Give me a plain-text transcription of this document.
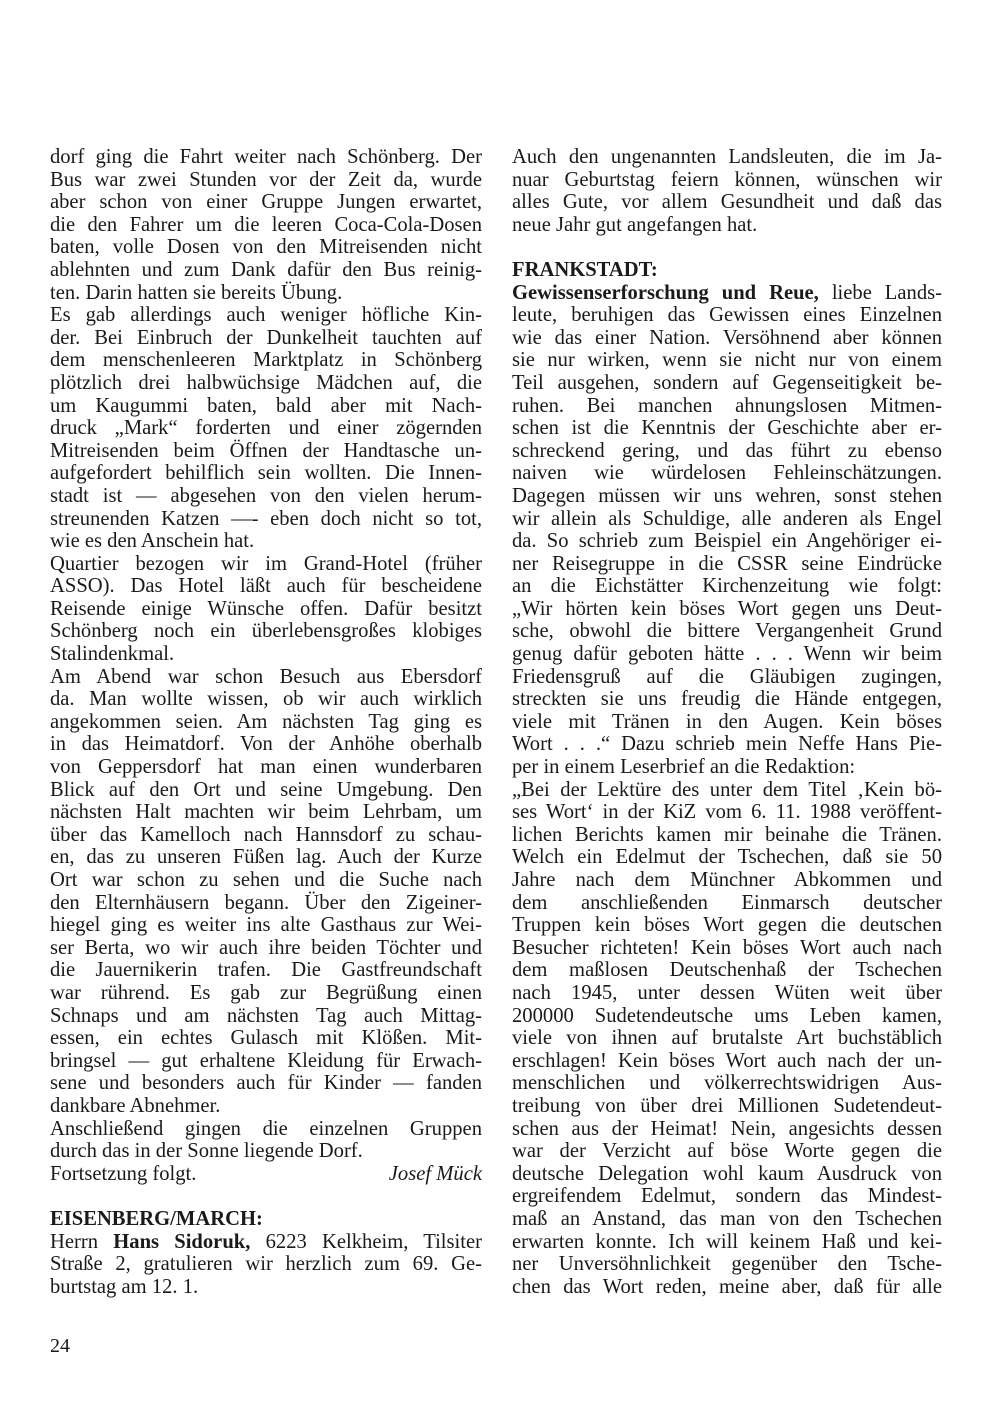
dorf ging die Fahrt weiter nach Schönberg. Der
Bus war zwei Stunden vor der Zeit da, wurde
aber schon von einer Gruppe Jungen erwartet,
die den Fahrer um die leeren Coca-Cola-Dosen
baten, volle Dosen von den Mitreisenden nicht
ablehnten und zum Dank dafür den Bus reinig-
ten. Darin hatten sie bereits Übung.
Es gab allerdings auch weniger höfliche Kin-
der. Bei Einbruch der Dunkelheit tauchten auf
dem menschenleeren Marktplatz in Schönberg
plötzlich drei halbwüchsige Mädchen auf, die
um Kaugummi baten, bald aber mit Nach-
druck „Mark“ forderten und einer zögernden
Mitreisenden beim Öffnen der Handtasche un-
aufgefordert behilflich sein wollten. Die Innen-
stadt ist — abgesehen von den vielen herum-
streunenden Katzen —- eben doch nicht so tot,
wie es den Anschein hat.
Quartier bezogen wir im Grand-Hotel (früher
ASSO). Das Hotel läßt auch für bescheidene
Reisende einige Wünsche offen. Dafür besitzt
Schönberg noch ein überlebensgroßes klobiges
Stalindenkmal.
Am Abend war schon Besuch aus Ebersdorf
da. Man wollte wissen, ob wir auch wirklich
angekommen seien. Am nächsten Tag ging es
in das Heimatdorf. Von der Anhöhe oberhalb
von Geppersdorf hat man einen wunderbaren
Blick auf den Ort und seine Umgebung. Den
nächsten Halt machten wir beim Lehrbam, um
über das Kamelloch nach Hannsdorf zu schau-
en, das zu unseren Füßen lag. Auch der Kurze
Ort war schon zu sehen und die Suche nach
den Elternhäusern begann. Über den Zigeiner-
hiegel ging es weiter ins alte Gasthaus zur Wei-
ser Berta, wo wir auch ihre beiden Töchter und
die Jauernikerin trafen. Die Gastfreundschaft
war rührend. Es gab zur Begrüßung einen
Schnaps und am nächsten Tag auch Mittag-
essen, ein echtes Gulasch mit Klößen. Mit-
bringsel — gut erhaltene Kleidung für Erwach-
sene und besonders auch für Kinder — fanden
dankbare Abnehmer.
Anschließend gingen die einzelnen Gruppen
durch das in der Sonne liegende Dorf.
Fortsetzung folgt.	Josef Mück
EISENBERG/MARCH:
Herrn Hans Sidoruk, 6223 Kelkheim, Tilsiter
Straße 2, gratulieren wir herzlich zum 69. Ge-
burtstag am 12. 1.
Auch den ungenannten Landsleuten, die im Ja-
nuar Geburtstag feiern können, wünschen wir
alles Gute, vor allem Gesundheit und daß das
neue Jahr gut angefangen hat.
FRANKSTADT:
Gewissenserforschung und Reue, liebe Lands-
leute, beruhigen das Gewissen eines Einzelnen
wie das einer Nation. Versöhnend aber können
sie nur wirken, wenn sie nicht nur von einem
Teil ausgehen, sondern auf Gegenseitigkeit be-
ruhen. Bei manchen ahnungslosen Mitmen-
schen ist die Kenntnis der Geschichte aber er-
schreckend gering, und das führt zu ebenso
naiven wie würdelosen Fehleinschätzungen.
Dagegen müssen wir uns wehren, sonst stehen
wir allein als Schuldige, alle anderen als Engel
da. So schrieb zum Beispiel ein Angehöriger ei-
ner Reisegruppe in die CSSR seine Eindrücke
an die Eichstätter Kirchenzeitung wie folgt:
„Wir hörten kein böses Wort gegen uns Deut-
sche, obwohl die bittere Vergangenheit Grund
genug dafür geboten hätte . . . Wenn wir beim
Friedensgruß auf die Gläubigen zugingen,
streckten sie uns freudig die Hände entgegen,
viele mit Tränen in den Augen. Kein böses
Wort . . .“ Dazu schrieb mein Neffe Hans Pie-
per in einem Leserbrief an die Redaktion:
„Bei der Lektüre des unter dem Titel ‚Kein bö-
ses Wort‘ in der KiZ vom 6. 11. 1988 veröffent-
lichen Berichts kamen mir beinahe die Tränen.
Welch ein Edelmut der Tschechen, daß sie 50
Jahre nach dem Münchner Abkommen und
dem anschließenden Einmarsch deutscher
Truppen kein böses Wort gegen die deutschen
Besucher richteten! Kein böses Wort auch nach
dem maßlosen Deutschenhaß der Tschechen
nach 1945, unter dessen Wüten weit über
200000 Sudetendeutsche ums Leben kamen,
viele von ihnen auf brutalste Art buchstäblich
erschlagen! Kein böses Wort auch nach der un-
menschlichen und völkerrechtswidrigen Aus-
treibung von über drei Millionen Sudetendeut-
schen aus der Heimat! Nein, angesichts dessen
war der Verzicht auf böse Worte gegen die
deutsche Delegation wohl kaum Ausdruck von
ergreifendem Edelmut, sondern das Mindest-
maß an Anstand, das man von den Tschechen
erwarten konnte. Ich will keinem Haß und kei-
ner Unversöhnlichkeit gegenüber den Tsche-
chen das Wort reden, meine aber, daß für alle
24
